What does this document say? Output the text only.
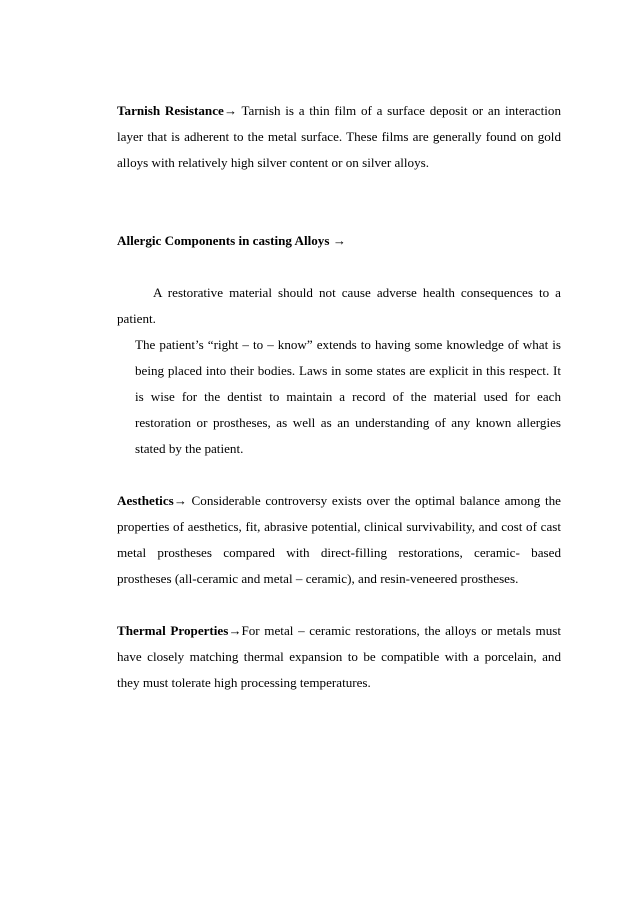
Tarnish Resistance→ Tarnish is a thin film of a surface deposit or an interaction layer that is adherent to the metal surface. These films are generally found on gold alloys with relatively high silver content or on silver alloys.

Allergic Components in casting Alloys →

A restorative material should not cause adverse health consequences to a patient.

The patient’s “right – to – know” extends to having some knowledge of what is being placed into their bodies. Laws in some states are explicit in this respect. It is wise for the dentist to maintain a record of the material used for each restoration or prostheses, as well as an understanding of any known allergies stated by the patient.

Aesthetics→ Considerable controversy exists over the optimal balance among the properties of aesthetics, fit, abrasive potential, clinical survivability, and cost of cast metal prostheses compared with direct-filling restorations, ceramic- based prostheses (all-ceramic and metal – ceramic), and resin-veneered prostheses.

Thermal Properties→For metal – ceramic restorations, the alloys or metals must have closely matching thermal expansion to be compatible with a porcelain, and they must tolerate high processing temperatures.
